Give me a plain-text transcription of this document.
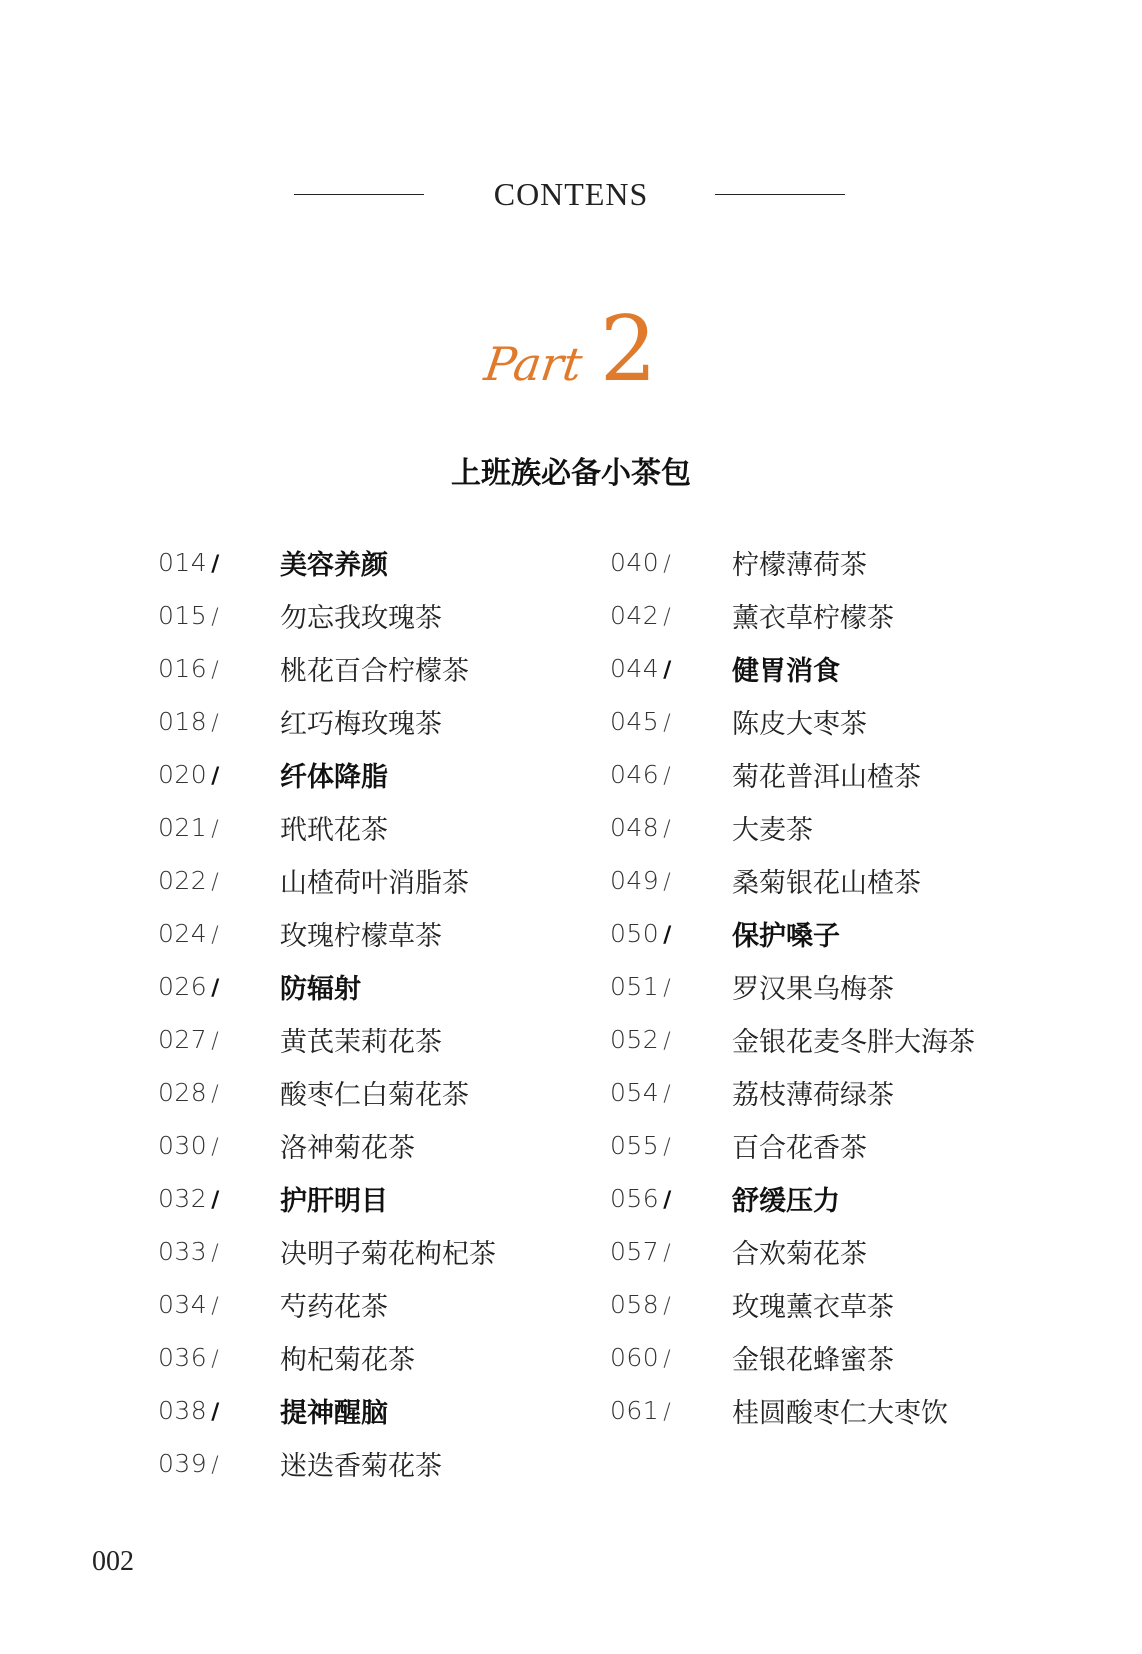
CONTENS
Part 2
上班族必备小茶包
014 /	美容养颜
015 /	勿忘我玫瑰茶
016 /	桃花百合柠檬茶
018 /	红巧梅玫瑰茶
020 /	纤体降脂
021 /	玳玳花茶
022 /	山楂荷叶消脂茶
024 /	玫瑰柠檬草茶
026 /	防辐射
027 /	黄芪茉莉花茶
028 /	酸枣仁白菊花茶
030 /	洛神菊花茶
032 /	护肝明目
033 /	决明子菊花枸杞茶
034 /	芍药花茶
036 /	枸杞菊花茶
038 /	提神醒脑
039 /	迷迭香菊花茶
040 /	柠檬薄荷茶
042 /	薰衣草柠檬茶
044 /	健胃消食
045 /	陈皮大枣茶
046 /	菊花普洱山楂茶
048 /	大麦茶
049 /	桑菊银花山楂茶
050 /	保护嗓子
051 /	罗汉果乌梅茶
052 /	金银花麦冬胖大海茶
054 /	荔枝薄荷绿茶
055 /	百合花香茶
056 /	舒缓压力
057 /	合欢菊花茶
058 /	玫瑰薰衣草茶
060 /	金银花蜂蜜茶
061 /	桂圆酸枣仁大枣饮
002
